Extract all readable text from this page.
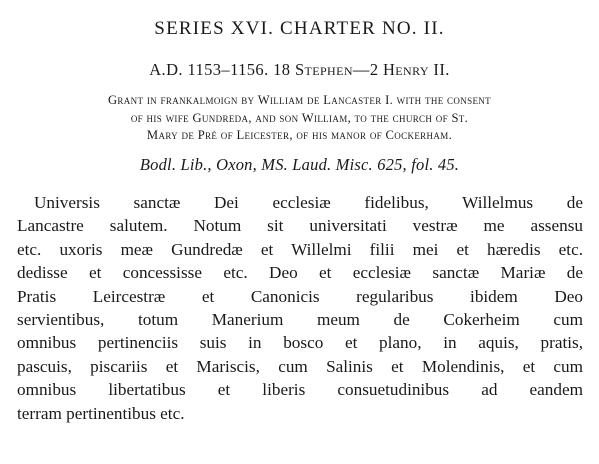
SERIES XVI. CHARTER NO. II.
A.D. 1153–1156. 18 Stephen—2 Henry II.
Grant in frankalmoign by William de Lancaster I. with the consent
of his wife Gundreda, and son William, to the church of St.
Mary de Pré of Leicester, of his manor of Cockerham.
Bodl. Lib., Oxon, MS. Laud. Misc. 625, fol. 45.
Universis sanctæ Dei ecclesiæ fidelibus, Willelmus de
Lancastre salutem. Notum sit universitati vestræ me assensu
etc. uxoris meæ Gundredæ et Willelmi filii mei et hæredis etc.
dedisse et concessisse etc. Deo et ecclesiæ sanctæ Mariæ de
Pratis Leircestræ et Canonicis regularibus ibidem Deo
servientibus, totum Manerium meum de Cokerheim cum
omnibus pertinenciis suis in bosco et plano, in aquis, pratis,
pascuis, piscariis et Mariscis, cum Salinis et Molendinis, et cum
omnibus libertatibus et liberis consuetudinibus ad eandem
terram pertinentibus etc.
